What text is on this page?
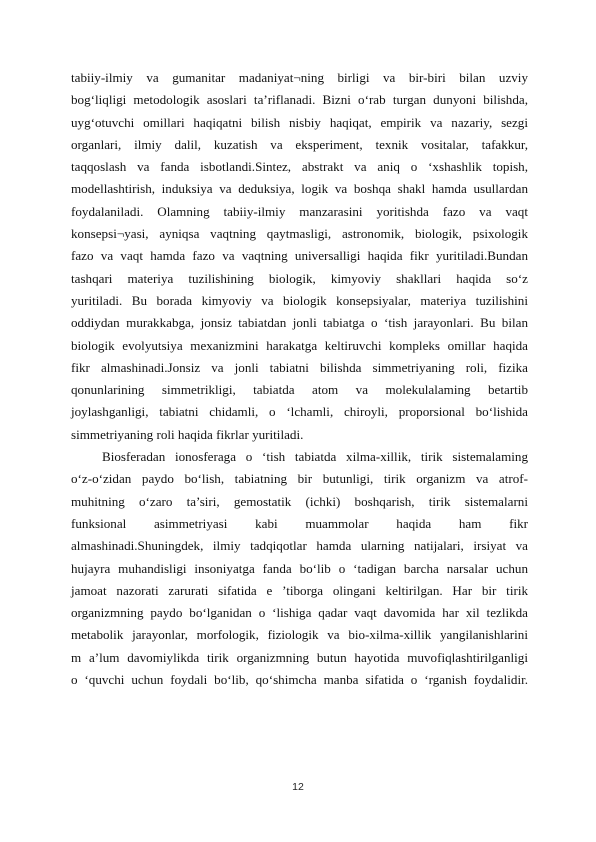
tabiiy-ilmiy va gumanitar madaniyat¬ning birligi va bir-biri bilan uzviy
bog‘liqligi metodologik asoslari ta’riflanadi. Bizni o‘rab turgan dunyoni bilishda,
uyg‘otuvchi omillari haqiqatni bilish nisbiy haqiqat, empirik va nazariy, sezgi
organlari, ilmiy dalil, kuzatish va eksperiment, texnik vositalar, tafakkur,
taqqoslash va fanda isbotlandi.Sintez, abstrakt va aniq o ‘xshashlik topish,
modellashtirish, induksiya va deduksiya, logik va boshqa shakl hamda usullardan
foydalaniladi. Olamning tabiiy-ilmiy manzarasini yoritishda fazo va vaqt
konsepsi¬yasi, ayniqsa vaqtning qaytmasligi, astronomik, biologik, psixologik
fazo va vaqt hamda fazo va vaqtning universalligi haqida fikr yuritiladi.Bundan
tashqari materiya tuzilishining biologik, kimyoviy shakllari haqida so‘z
yuritiladi. Bu borada kimyoviy va biologik konsepsiyalar, materiya tuzilishini
oddiydan murakkabga, jonsiz tabiatdan jonli tabiatga o ‘tish jarayonlari. Bu bilan
biologik evolyutsiya mexanizmini harakatga keltiruvchi kompleks omillar haqida
fikr almashinadi.Jonsiz va jonli tabiatni bilishda simmetriyaning roli, fizika
qonunlarining simmetrikligi, tabiatda atom va molekulalaming betartib
joylashganligi, tabiatni chidamli, o ‘lchamli, chiroyli, proporsional bo‘lishida
simmetriyaning roli haqida fikrlar yuritiladi.
Biosferadan ionosferaga o ‘tish tabiatda xilma-xillik, tirik sistemalaming
o‘z-o‘zidan paydo bo‘lish, tabiatning bir butunligi, tirik organizm va atrof-
muhitning o‘zaro ta’siri, gemostatik (ichki) boshqarish, tirik sistemalarni
funksional asimmetriyasi kabi muammolar haqida ham fikr
almashinadi.Shuningdek, ilmiy tadqiqotlar hamda ularning natijalari, irsiyat va
hujayra muhandisligi insoniyatga fanda bo‘lib o ‘tadigan barcha narsalar uchun
jamoat nazorati zarurati sifatida e ’tiborga olingani keltirilgan. Har bir tirik
organizmning paydo bo‘lganidan o ‘lishiga qadar vaqt davomida har xil tezlikda
metabolik jarayonlar, morfologik, fiziologik va bio-xilma-xillik yangilanishlarini
m a’lum davomiylikda tirik organizmning butun hayotida muvofiqlashtirilganligi
o ‘quvchi uchun foydali bo‘lib, qo‘shimcha manba sifatida o ‘rganish foydalidir.
12
